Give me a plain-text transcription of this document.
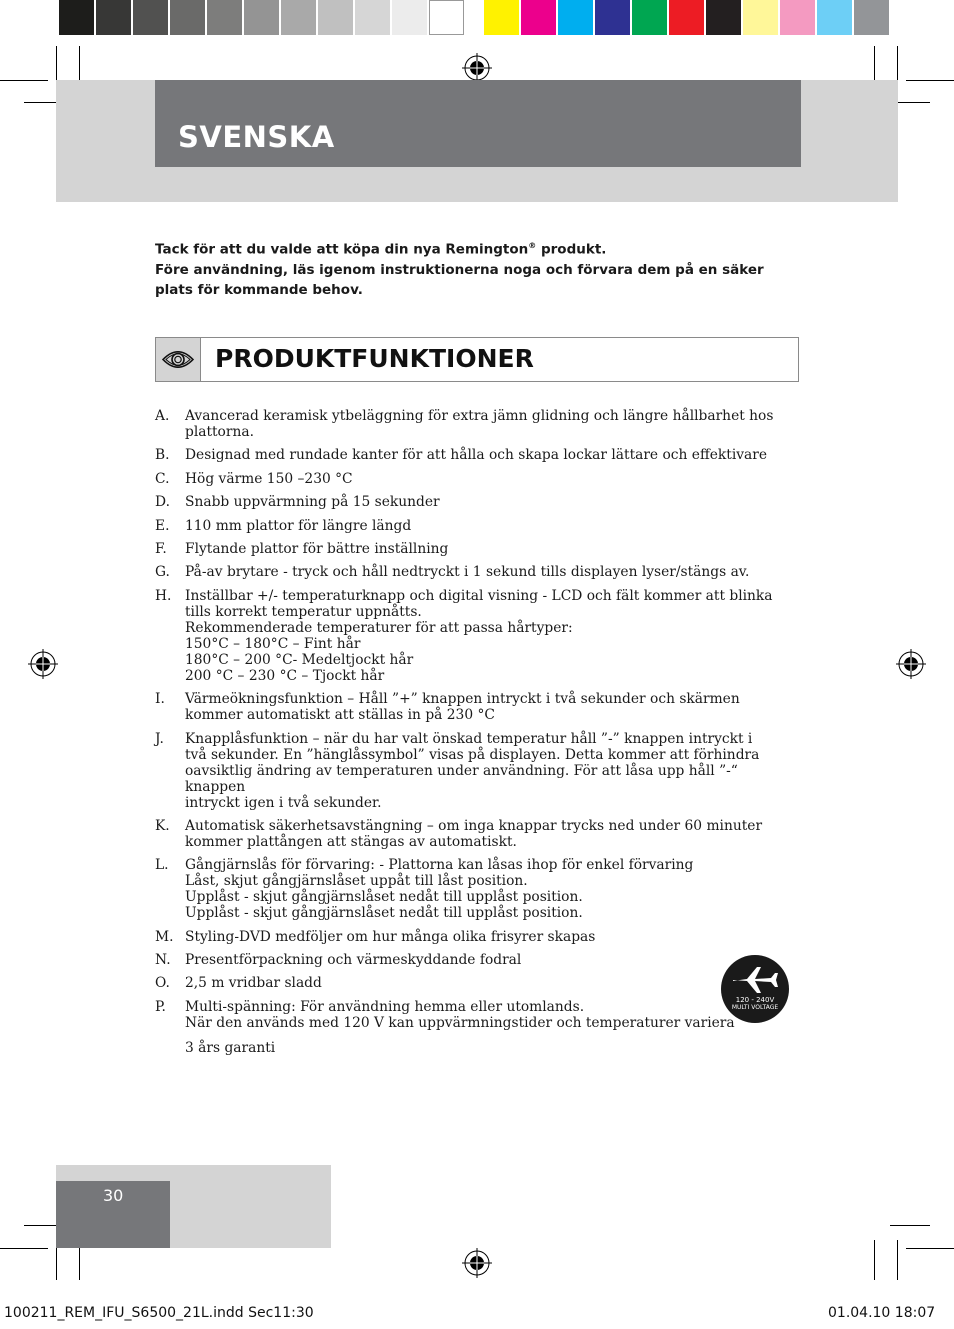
SVENSKA
Tack för att du valde att köpa din nya Remington® produkt.
Före användning, läs igenom instruktionerna noga och förvara dem på en säker plats för kommande behov.
PRODUKTFUNKTIONER
A.	Avancerad keramisk ytbeläggning för extra jämn glidning och längre hållbarhet hos
plattorna.
B.	Designad med rundade kanter för att hålla och skapa lockar lättare och effektivare
C.	Hög värme 150 –230 °C
D.	Snabb uppvärmning på 15 sekunder
E.	110 mm plattor för längre längd
F.	Flytande plattor för bättre inställning
G.	På-av brytare - tryck och håll nedtryckt i 1 sekund tills displayen lyser/stängs av.
H. Inställbar +/- temperaturknapp och digital visning - LCD och fält kommer att blinka
tills korrekt temperatur uppnåtts.
Rekommenderade temperaturer för att passa hårtyper:
150°C – 180°C – Fint hår
180°C – 200 °C- Medeltjockt hår
200 °C – 230 °C – Tjockt hår
I.	Värmeökningsfunktion – Håll ”+” knappen intryckt i två sekunder och skärmen
kommer automatiskt att ställas in på 230 °C
J.	Knapplåsfunktion – när du har valt önskad temperatur håll ”-” knappen intryckt i
två sekunder. En ”hänglåssymbol” visas på displayen. Detta kommer att förhindra
oavsiktlig ändring av temperaturen under användning. För att låsa upp håll ”-“ knappen
intryckt igen i två sekunder.
K.	Automatisk säkerhetsavstängning – om inga knappar trycks ned under 60 minuter
kommer plattången att stängas av automatiskt.
L.	Gångjärnslås för förvaring: - Plattorna kan låsas ihop för enkel förvaring
Låst, skjut gångjärnslåset uppåt till låst position.
Upplåst - skjut gångjärnslåset nedåt till upplåst position.
Upplåst - skjut gångjärnslåset nedåt till upplåst position.
M. Styling-DVD medföljer om hur många olika frisyrer skapas
N.	Presentförpackning och värmeskyddande fodral
O.	2,5 m vridbar sladd
P.	Multi-spänning: För användning hemma eller utomlands.
När den används med 120 V kan uppvärmningstider och temperaturer variera
3 års garanti
120 - 240V
MULTI VOLTAGE
30
100211_REM_IFU_S6500_21L.indd Sec11:30	01.04.10 18:07
